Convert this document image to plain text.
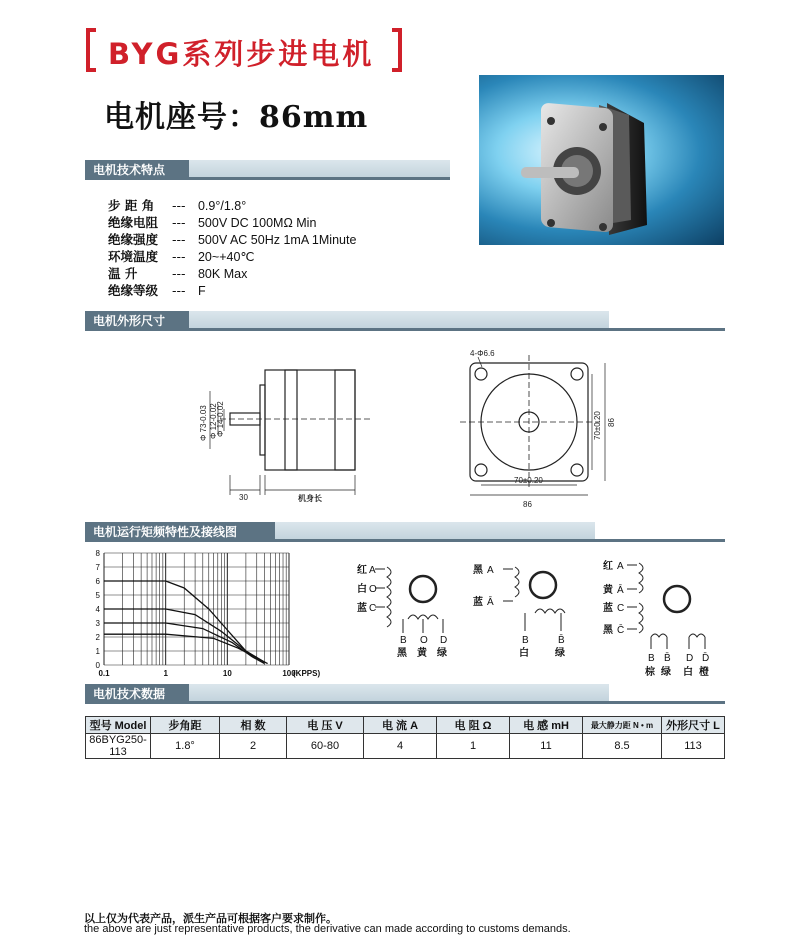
BYG系列步进电机
电机座号：86mm
电机技术特点
步 距 角 --- 0.9°/1.8°
绝缘电阻 --- 500V DC 100MΩ Min
绝缘强度 --- 500V AC 50Hz 1mA 1Minute
环境温度 --- 20~+40℃
温 升	--- 80K Max
绝缘等级 --- F
电机外形尺寸
Φ 73-0.03 Φ 12-0.02
Φ 14-0.02
30	机身长
4-Φ6.6
70±0.20
86
70±0.20 86
电机运行矩频特性及接线图
0
1
2
3
4
5
6
7
8
0.1	1	10	100
(KPPS)
红 A
白 O
蓝 C
B O D
黑 黄 绿
黑 A
蓝 Ā
B	B̄
白	绿
红 A
黄 Ā
蓝 C
黑 C̄
B B̄ D D̄
棕 绿 白 橙
电机技术数据
型号 Model	步角距	相 数	电 压 V	电 流 A	电 阻 Ω	电 感 mH	最大静力距 N • m	外形尺寸 L
86BYG250-113	1.8°	2	60-80	4	1	11	8.5	113
以上仅为代表产品，派生产品可根据客户要求制作。
the above are just representative products, the derivative can made according to customs demands.
